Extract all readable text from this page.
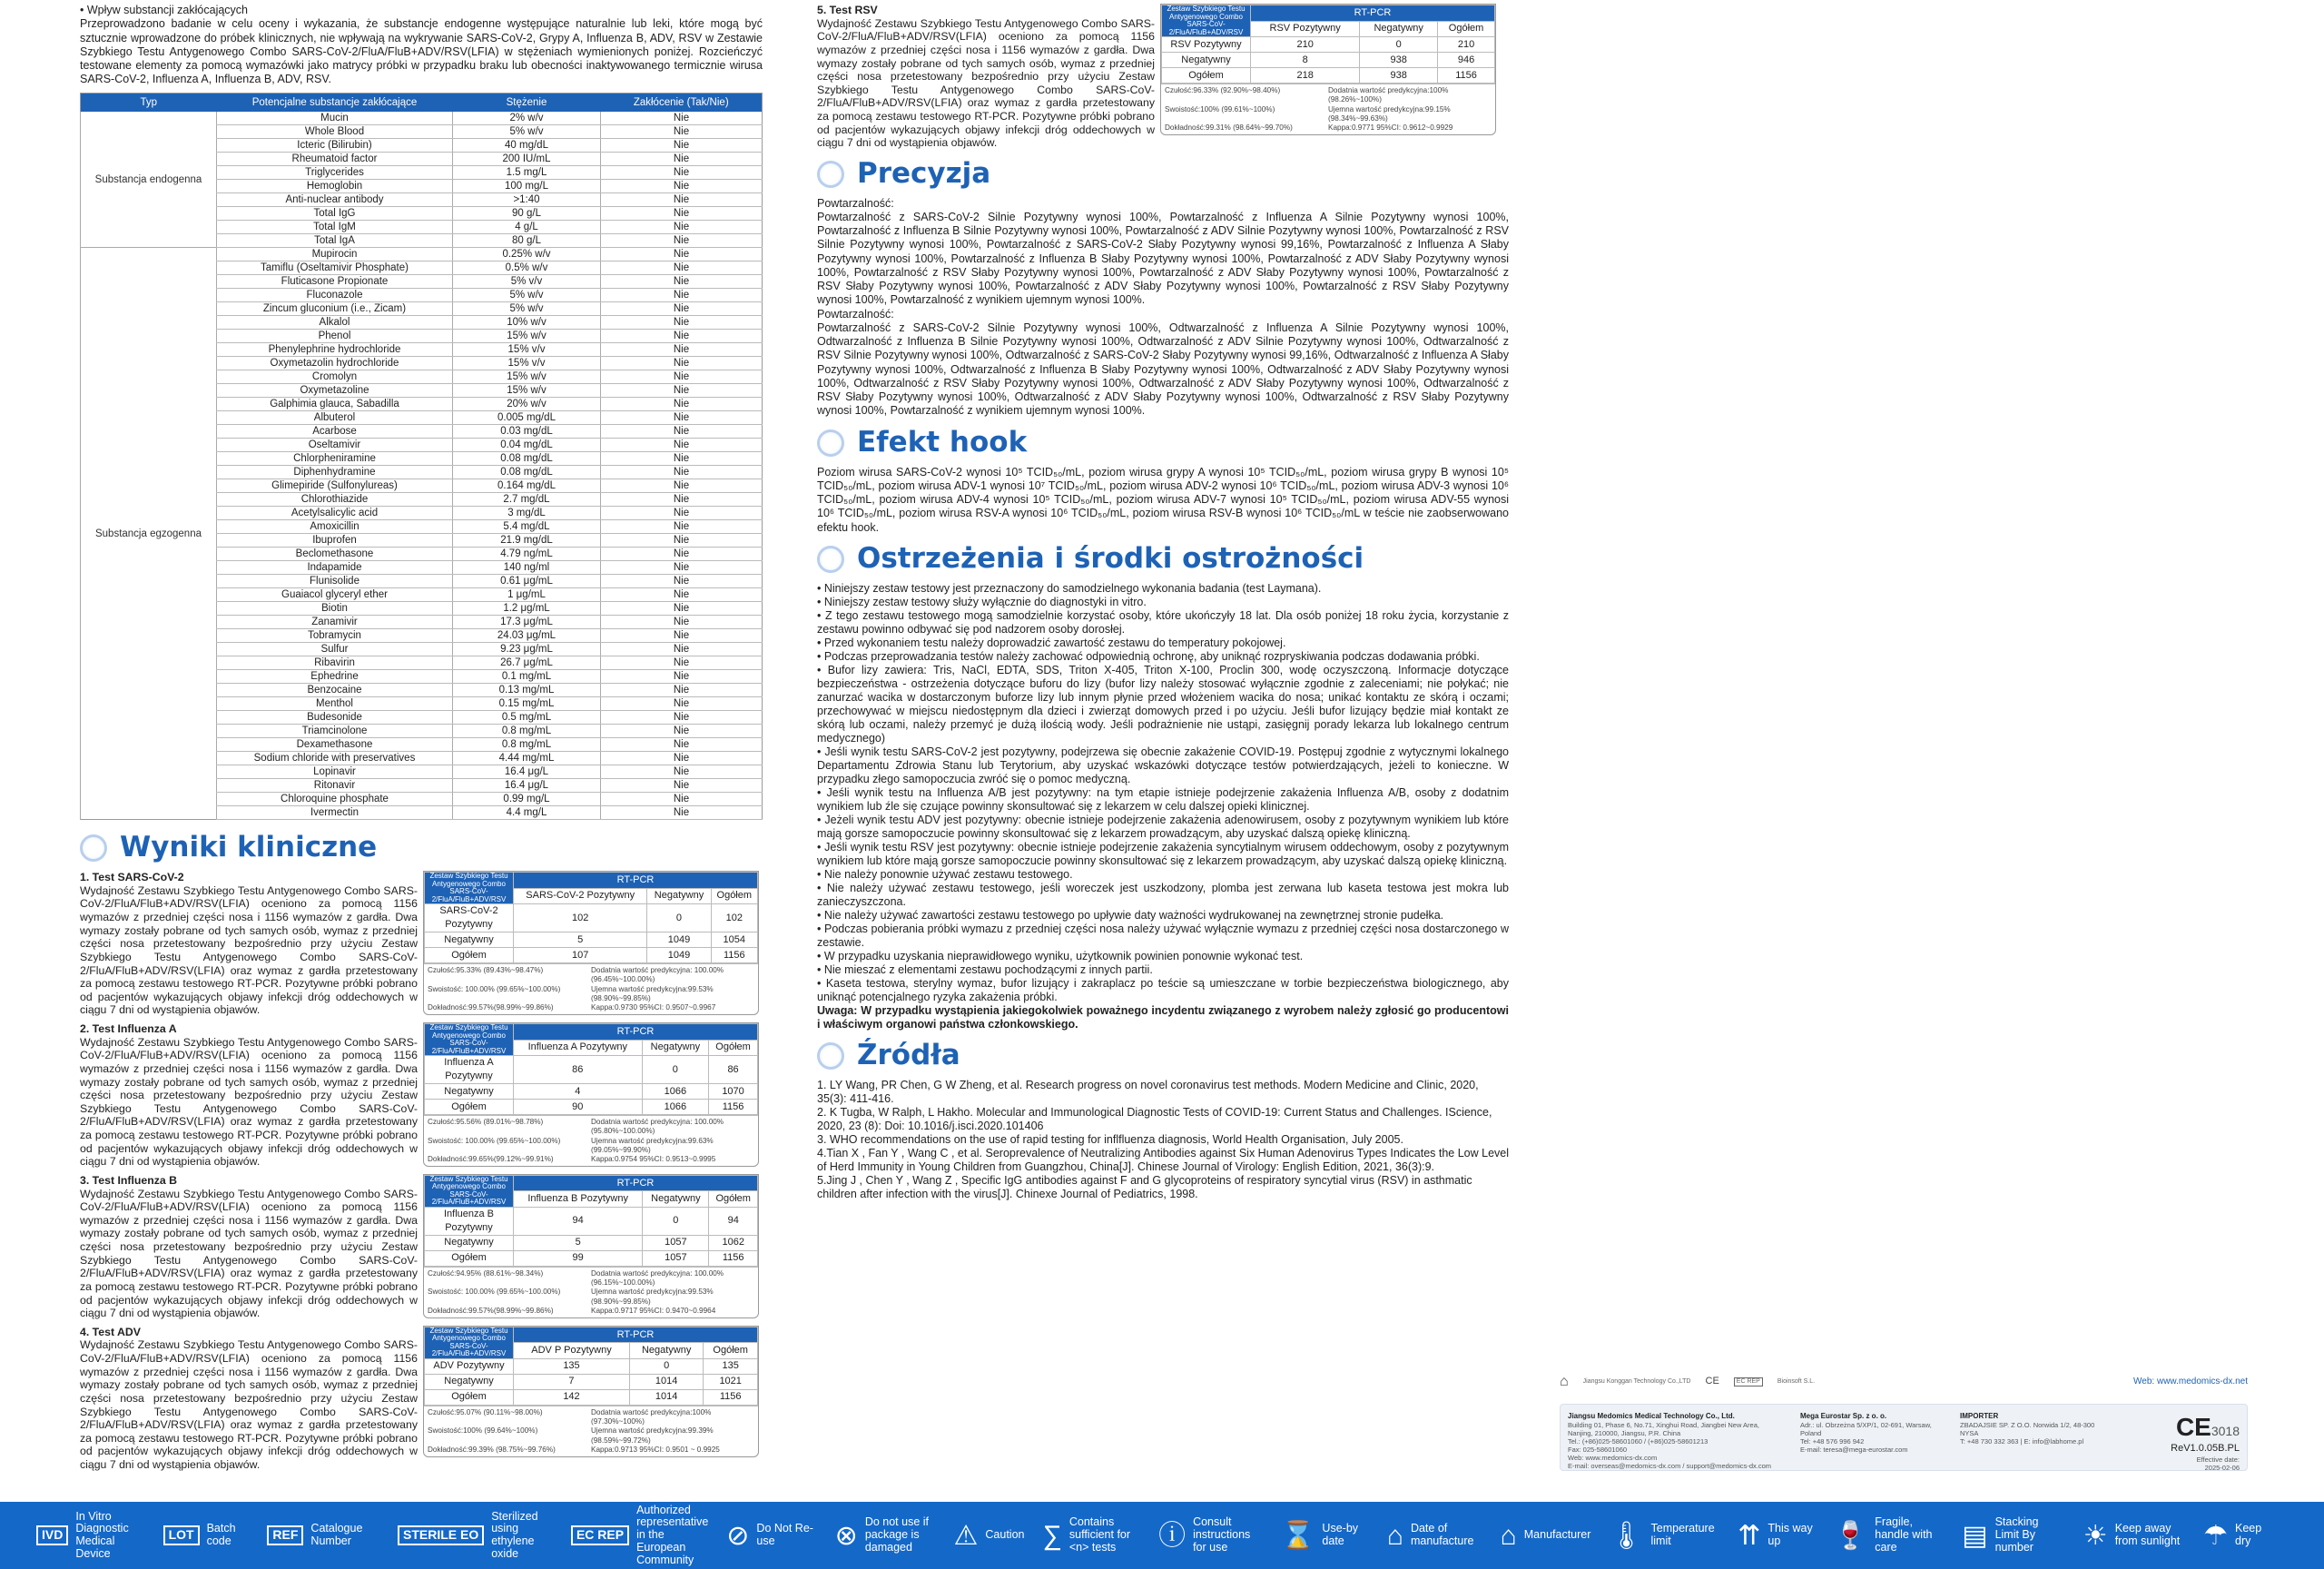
• Wpływ substancji zakłócających

Przeprowadzono badanie w celu oceny i wykazania, że substancje endogenne występujące naturalnie lub leki, które mogą być sztucznie wprowadzone do próbek klinicznych, nie wpływają na wykrywanie SARS-CoV-2, Grypy A, Influenza B, ADV, RSV w Zestawie Szybkiego Testu Antygenowego Combo SARS-CoV-2/FluA/FluB+ADV/RSV(LFIA) w stężeniach wymienionych poniżej. Rozcieńczyć testowane elementy za pomocą wymazówki jako matrycy próbki w przypadku braku lub obecności inaktywowanego termicznie wirusa SARS-CoV-2, Influenza A, Influenza B, ADV, RSV.

Typ	Potencjalne substancje zakłócające	Stężenie	Zakłócenie (Tak/Nie)
Substancja endogenna	Mucin	2% w/v	Nie
	Whole Blood	5% w/v	Nie
	Icteric (Bilirubin)	40 mg/dL	Nie
	Rheumatoid factor	200 IU/mL	Nie
	Triglycerides	1.5 mg/L	Nie
	Hemoglobin	100 mg/L	Nie
	Anti-nuclear antibody	>1:40	Nie
	Total IgG	90 g/L	Nie
	Total IgM	4 g/L	Nie
	Total IgA	80 g/L	Nie
Substancja egzogenna	Mupirocin	0.25% w/v	Nie
	Tamiflu (Oseltamivir Phosphate)	0.5% w/v	Nie
	Fluticasone Propionate	5% v/v	Nie
	Fluconazole	5% w/v	Nie
	Zincum gluconium (i.e., Zicam)	5% w/v	Nie
	Alkalol	10% w/v	Nie
	Phenol	15% w/v	Nie
	Phenylephrine hydrochloride	15% v/v	Nie
	Oxymetazolin hydrochloride	15% v/v	Nie
	Cromolyn	15% w/v	Nie
	Oxymetazoline	15% w/v	Nie
	Galphimia glauca, Sabadilla	20% w/v	Nie
	Albuterol	0.005 mg/dL	Nie
	Acarbose	0.03 mg/dL	Nie
	Oseltamivir	0.04 mg/dL	Nie
	Chlorpheniramine	0.08 mg/dL	Nie
	Diphenhydramine	0.08 mg/dL	Nie
	Glimepiride (Sulfonylureas)	0.164 mg/dL	Nie
	Chlorothiazide	2.7 mg/dL	Nie
	Acetylsalicylic acid	3 mg/dL	Nie
	Amoxicillin	5.4 mg/dL	Nie
	Ibuprofen	21.9 mg/dL	Nie
	Beclomethasone	4.79 ng/mL	Nie
	Indapamide	140 ng/ml	Nie
	Flunisolide	0.61 μg/mL	Nie
	Guaiacol glyceryl ether	1 μg/mL	Nie
	Biotin	1.2 μg/mL	Nie
	Zanamivir	17.3 μg/mL	Nie
	Tobramycin	24.03 μg/mL	Nie
	Sulfur	9.23 μg/mL	Nie
	Ribavirin	26.7 μg/mL	Nie
	Ephedrine	0.1 mg/mL	Nie
	Benzocaine	0.13 mg/mL	Nie
	Menthol	0.15 mg/mL	Nie
	Budesonide	0.5 mg/mL	Nie
	Triamcinolone	0.8 mg/mL	Nie
	Dexamethasone	0.8 mg/mL	Nie
	Sodium chloride with preservatives	4.44 mg/mL	Nie
	Lopinavir	16.4 μg/L	Nie
	Ritonavir	16.4 μg/L	Nie
	Chloroquine phosphate	0.99 mg/L	Nie
	Ivermectin	4.4 mg/L	Nie
Wyniki kliniczne
1. Test SARS-CoV-2
Wydajność Zestawu Szybkiego Testu Antygenowego Combo SARS-CoV-2/FluA/FluB+ADV/RSV(LFIA) oceniono za pomocą 1156 wymazów z przedniej części nosa i 1156 wymazów z gardła. Dwa wymazy zostały pobrane od tych samych osób, wymaz z przedniej części nosa przetestowany bezpośrednio przy użyciu Zestaw Szybkiego Testu Antygenowego Combo SARS-CoV-2/FluA/FluB+ADV/RSV(LFIA) oraz wymaz z gardła przetestowany za pomocą zestawu testowego RT-PCR. Pozytywne próbki pobrano od pacjentów wykazujących objawy infekcji dróg oddechowych w ciągu 7 dni od wystąpienia objawów.
Zestaw Szybkiego Testu Antygenowego Combo SARS-CoV-2/FluA/FluB+ADV/RSV	RT-PCR		
	SARS-CoV-2 Pozytywny	Negatywny	Ogółem
SARS-CoV-2 Pozytywny	102	0	102
Negatywny	5	1049	1054
Ogółem	107	1049	1156
Czułość:95.33% (89.43%~98.47%)	Dodatnia wartość predykcyjna: 100.00% (96.45%~100.00%)
Swoistość: 100.00% (99.65%~100.00%)	Ujemna wartość predykcyjna:99.53% (98.90%~99.85%)
Dokładność:99.57%(98.99%~99.86%)	Kappa:0.9730 95%CI: 0.9507~0.9967
2. Test Influenza A
Wydajność Zestawu Szybkiego Testu Antygenowego Combo SARS-CoV-2/FluA/FluB+ADV/RSV(LFIA) oceniono za pomocą 1156 wymazów z przedniej części nosa i 1156 wymazów z gardła. Dwa wymazy zostały pobrane od tych samych osób, wymaz z przedniej części nosa przetestowany bezpośrednio przy użyciu Zestaw Szybkiego Testu Antygenowego Combo SARS-CoV-2/FluA/FluB+ADV/RSV(LFIA) oraz wymaz z gardła przetestowany za pomocą zestawu testowego RT-PCR. Pozytywne próbki pobrano od pacjentów wykazujących objawy infekcji dróg oddechowych w ciągu 7 dni od wystąpienia objawów.
Zestaw Szybkiego Testu Antygenowego Combo SARS-CoV-2/FluA/FluB+ADV/RSV	RT-PCR		
	Influenza A Pozytywny	Negatywny	Ogółem
Influenza A Pozytywny	86	0	86
Negatywny	4	1066	1070
Ogółem	90	1066	1156
Czułość:95.56% (89.01%~98.78%)	Dodatnia wartość predykcyjna: 100.00% (95.80%~100.00%)
Swoistość: 100.00% (99.65%~100.00%)	Ujemna wartość predykcyjna:99.63% (99.05%~99.90%)
Dokładność:99.65%(99.12%~99.91%)	Kappa:0.9754 95%CI: 0.9513~0.9995
3. Test Influenza B
Wydajność Zestawu Szybkiego Testu Antygenowego Combo SARS-CoV-2/FluA/FluB+ADV/RSV(LFIA) oceniono za pomocą 1156 wymazów z przedniej części nosa i 1156 wymazów z gardła. Dwa wymazy zostały pobrane od tych samych osób, wymaz z przedniej części nosa przetestowany bezpośrednio przy użyciu Zestaw Szybkiego Testu Antygenowego Combo SARS-CoV-2/FluA/FluB+ADV/RSV(LFIA) oraz wymaz z gardła przetestowany za pomocą zestawu testowego RT-PCR. Pozytywne próbki pobrano od pacjentów wykazujących objawy infekcji dróg oddechowych w ciągu 7 dni od wystąpienia objawów.
Zestaw Szybkiego Testu Antygenowego Combo SARS-CoV-2/FluA/FluB+ADV/RSV	RT-PCR		
	Influenza B Pozytywny	Negatywny	Ogółem
Influenza B Pozytywny	94	0	94
Negatywny	5	1057	1062
Ogółem	99	1057	1156
Czułość:94.95% (88.61%~98.34%)	Dodatnia wartość predykcyjna: 100.00% (96.15%~100.00%)
Swoistość: 100.00% (99.65%~100.00%)	Ujemna wartość predykcyjna:99.53% (98.90%~99.85%)
Dokładność:99.57%(98.99%~99.86%)	Kappa:0.9717 95%CI: 0.9470~0.9964
4. Test ADV
Wydajność Zestawu Szybkiego Testu Antygenowego Combo SARS-CoV-2/FluA/FluB+ADV/RSV(LFIA) oceniono za pomocą 1156 wymazów z przedniej części nosa i 1156 wymazów z gardła. Dwa wymazy zostały pobrane od tych samych osób, wymaz z przedniej części nosa przetestowany bezpośrednio przy użyciu Zestaw Szybkiego Testu Antygenowego Combo SARS-CoV-2/FluA/FluB+ADV/RSV(LFIA) oraz wymaz z gardła przetestowany za pomocą zestawu testowego RT-PCR. Pozytywne próbki pobrano od pacjentów wykazujących objawy infekcji dróg oddechowych w ciągu 7 dni od wystąpienia objawów.
Zestaw Szybkiego Testu Antygenowego Combo SARS-CoV-2/FluA/FluB+ADV/RSV	RT-PCR		
	ADV P Pozytywny	Negatywny	Ogółem
ADV Pozytywny	135	0	135
Negatywny	7	1014	1021
Ogółem	142	1014	1156
Czułość:95.07% (90.11%~98.00%)	Dodatnia wartość predykcyjna:100% (97.30%~100%)
Swoistość:100% (99.64%~100%)	Ujemna wartość predykcyjna:99.39% (98.59%~99.72%)
Dokładność:99.39% (98.75%~99.76%)	Kappa:0.9713 95%CI: 0.9501 ~ 0.9925
5. Test RSV
Wydajność Zestawu Szybkiego Testu Antygenowego Combo SARS-CoV-2/FluA/FluB+ADV/RSV(LFIA) oceniono za pomocą 1156 wymazów z przedniej części nosa i 1156 wymazów z gardła. Dwa wymazy zostały pobrane od tych samych osób, wymaz z przedniej części nosa przetestowany bezpośrednio przy użyciu Zestaw Szybkiego Testu Antygenowego Combo SARS-CoV-2/FluA/FluB+ADV/RSV(LFIA) oraz wymaz z gardła przetestowany za pomocą zestawu testowego RT-PCR. Pozytywne próbki pobrano od pacjentów wykazujących objawy infekcji dróg oddechowych w ciągu 7 dni od wystąpienia objawów.
Zestaw Szybkiego Testu Antygenowego Combo SARS-CoV-2/FluA/FluB+ADV/RSV	RT-PCR		
	RSV Pozytywny	Negatywny	Ogółem
RSV Pozytywny	210	0	210
Negatywny	8	938	946
Ogółem	218	938	1156
Czułość:96.33% (92.90%~98.40%)	Dodatnia wartość predykcyjna:100% (98.26%~100%)
Swoistość:100% (99.61%~100%)	Ujemna wartość predykcyjna:99.15% (98.34%~99.63%)
Dokładność:99.31% (98.64%~99.70%)	Kappa:0.9771 95%CI: 0.9612~0.9929
Precyzja

Powtarzalność:

Powtarzalność z SARS-CoV-2 Silnie Pozytywny wynosi 100%, Powtarzalność z Influenza A Silnie Pozytywny wynosi 100%, Powtarzalność z Influenza B Silnie Pozytywny wynosi 100%, Powtarzalność z ADV Silnie Pozytywny wynosi 100%, Powtarzalność z RSV Silnie Pozytywny wynosi 100%, Powtarzalność z SARS-CoV-2 Słaby Pozytywny wynosi 99,16%, Powtarzalność z Influenza A Słaby Pozytywny wynosi 100%, Powtarzalność z Influenza B Słaby Pozytywny wynosi 100%, Powtarzalność z ADV Słaby Pozytywny wynosi 100%, Powtarzalność z RSV Słaby Pozytywny wynosi 100%, Powtarzalność z ADV Słaby Pozytywny wynosi 100%, Powtarzalność z RSV Słaby Pozytywny wynosi 100%, Powtarzalność z ADV Słaby Pozytywny wynosi 100%, Powtarzalność z RSV Słaby Pozytywny wynosi 100%, Powtarzalność z wynikiem ujemnym wynosi 100%.

Powtarzalność:

Powtarzalność z SARS-CoV-2 Silnie Pozytywny wynosi 100%, Odtwarzalność z Influenza A Silnie Pozytywny wynosi 100%, Odtwarzalność z Influenza B Silnie Pozytywny wynosi 100%, Odtwarzalność z ADV Silnie Pozytywny wynosi 100%, Odtwarzalność z RSV Silnie Pozytywny wynosi 100%, Odtwarzalność z SARS-CoV-2 Słaby Pozytywny wynosi 99,16%, Odtwarzalność z Influenza A Słaby Pozytywny wynosi 100%, Odtwarzalność z Influenza B Słaby Pozytywny wynosi 100%, Odtwarzalność z ADV Słaby Pozytywny wynosi 100%, Odtwarzalność z RSV Słaby Pozytywny wynosi 100%, Odtwarzalność z ADV Słaby Pozytywny wynosi 100%, Odtwarzalność z RSV Słaby Pozytywny wynosi 100%, Odtwarzalność z ADV Słaby Pozytywny wynosi 100%, Odtwarzalność z RSV Słaby Pozytywny wynosi 100%, Powtarzalność z wynikiem ujemnym wynosi 100%.

Efekt hook

Poziom wirusa SARS-CoV-2 wynosi 10⁵ TCID₅₀/mL, poziom wirusa grypy A wynosi 10⁵ TCID₅₀/mL, poziom wirusa grypy B wynosi 10⁵ TCID₅₀/mL, poziom wirusa ADV-1 wynosi 10⁷ TCID₅₀/mL, poziom wirusa ADV-2 wynosi 10⁶ TCID₅₀/mL, poziom wirusa ADV-3 wynosi 10⁶ TCID₅₀/mL, poziom wirusa ADV-4 wynosi 10⁵ TCID₅₀/mL, poziom wirusa ADV-7 wynosi 10⁵ TCID₅₀/mL, poziom wirusa ADV-55 wynosi 10⁶ TCID₅₀/mL, poziom wirusa RSV-A wynosi 10⁶ TCID₅₀/mL, poziom wirusa RSV-B wynosi 10⁶ TCID₅₀/mL w teście nie zaobserwowano efektu hook.

Ostrzeżenia i środki ostrożności

• Niniejszy zestaw testowy jest przeznaczony do samodzielnego wykonania badania (test Laymana).

• Niniejszy zestaw testowy służy wyłącznie do diagnostyki in vitro.

• Z tego zestawu testowego mogą samodzielnie korzystać osoby, które ukończyły 18 lat. Dla osób poniżej 18 roku życia, korzystanie z zestawu powinno odbywać się pod nadzorem osoby dorosłej.

• Przed wykonaniem testu należy doprowadzić zawartość zestawu do temperatury pokojowej.

• Podczas przeprowadzania testów należy zachować odpowiednią ochronę, aby uniknąć rozpryskiwania podczas dodawania próbki.

• Bufor lizy zawiera: Tris, NaCl, EDTA, SDS, Triton X-405, Triton X-100, Proclin 300, wodę oczyszczoną. Informacje dotyczące bezpieczeństwa - ostrzeżenia dotyczące buforu do lizy (bufor lizy należy stosować wyłącznie zgodnie z zaleceniami; nie połykać; nie zanurzać wacika w dostarczonym buforze lizy lub innym płynie przed włożeniem wacika do nosa; unikać kontaktu ze skórą i oczami; przechowywać w miejscu niedostępnym dla dzieci i zwierząt domowych przed i po użyciu. Jeśli bufor lizujący będzie miał kontakt ze skórą lub oczami, należy przemyć je dużą ilością wody. Jeśli podrażnienie nie ustąpi, zasięgnij porady lekarza lub lokalnego centrum medycznego)

• Jeśli wynik testu SARS-CoV-2 jest pozytywny, podejrzewa się obecnie zakażenie COVID-19. Postępuj zgodnie z wytycznymi lokalnego Departamentu Zdrowia Stanu lub Terytorium, aby uzyskać wskazówki dotyczące testów potwierdzających, jeżeli to konieczne. W przypadku złego samopoczucia zwróć się o pomoc medyczną.

• Jeśli wynik testu na Influenza A/B jest pozytywny: na tym etapie istnieje podejrzenie zakażenia Influenza A/B, osoby z dodatnim wynikiem lub źle się czujące powinny skonsultować się z lekarzem w celu dalszej opieki klinicznej.

• Jeżeli wynik testu ADV jest pozytywny: obecnie istnieje podejrzenie zakażenia adenowirusem, osoby z pozytywnym wynikiem lub które mają gorsze samopoczucie powinny skonsultować się z lekarzem prowadzącym, aby uzyskać dalszą opiekę kliniczną.

• Jeśli wynik testu RSV jest pozytywny: obecnie istnieje podejrzenie zakażenia syncytialnym wirusem oddechowym, osoby z pozytywnym wynikiem lub które mają gorsze samopoczucie powinny skonsultować się z lekarzem prowadzącym, aby uzyskać dalszą opiekę kliniczną.

• Nie należy ponownie używać zestawu testowego.

• Nie należy używać zestawu testowego, jeśli woreczek jest uszkodzony, plomba jest zerwana lub kaseta testowa jest mokra lub zanieczyszczona.

• Nie należy używać zawartości zestawu testowego po upływie daty ważności wydrukowanej na zewnętrznej stronie pudełka.

• Podczas pobierania próbki wymazu z przedniej części nosa należy używać wyłącznie wymazu z przedniej części nosa dostarczonego w zestawie.

• W przypadku uzyskania nieprawidłowego wyniku, użytkownik powinien ponownie wykonać test.

• Nie mieszać z elementami zestawu pochodzącymi z innych partii.

• Kaseta testowa, sterylny wymaz, bufor lizujący i zakraplacz po teście są umieszczane w torbie bezpieczeństwa biologicznego, aby uniknąć potencjalnego ryzyka zakażenia próbki.

Uwaga: W przypadku wystąpienia jakiegokolwiek poważnego incydentu związanego z wyrobem należy zgłosić go producentowi i właściwym organowi państwa członkowskiego.

Źródła

1. LY Wang, PR Chen, G W Zheng, et al. Research progress on novel coronavirus test methods. Modern Medicine and Clinic, 2020, 35(3): 411-416.

2. K Tugba, W Ralph, L Hakho. Molecular and Immunological Diagnostic Tests of COVID-19: Current Status and Challenges. IScience, 2020, 23 (8): Doi: 10.1016/j.isci.2020.101406

3. WHO recommendations on the use of rapid testing for inflfluenza diagnosis, World Health Organisation, July 2005.

4.Tian X , Fan Y , Wang C , et al. Seroprevalence of Neutralizing Antibodies against Six Human Adenovirus Types Indicates the Low Level of Herd Immunity in Young Children from Guangzhou, China[J]. Chinese Journal of Virology: English Edition, 2021, 36(3):9.

5.Jing J , Chen Y , Wang Z , Specific IgG antibodies against F and G glycoproteins of respiratory syncytial virus (RSV) in asthmatic children after infection with the virus[J]. Chinexe Journal of Pediatrics, 1998.

⌂ Jiangsu Konggan Technology Co.,LTD CE	EC REP	Bioinsoft S.L.	Web: www.medomics-dx.net
Jiangsu Medomics Medical Technology Co., Ltd.
Building 01, Phase 6, No.71, Xinghui Road, Jiangbei New Area, Nanjing, 210000, Jiangsu, P.R. China
Tel.: (+86)025-58601060 / (+86)025-58601213
Fax: 025-58601060
Web: www.medomics-dx.com
E-mail: overseas@medomics-dx.com / support@medomics-dx.com
Mega Eurostar Sp. z o. o.
Adr.: ul. Obrzeżna 5/XP/1, 02-691, Warsaw, Poland
Tel: +48 576 996 942
E-mail: teresa@mega-eurostar.com
IMPORTER
ZBADAJSIE SP. Z O.O. Norwida 1/2, 48-300 NYSA
T: +48 730 332 363 | E: info@labhome.pl
CE3018
ReV1.0.05B.PL
Effective date:
2025-02-06
IVD
In Vitro Diagnostic Medical Device
LOT	Batch code	REF	Catalogue Number	STERILE EO
Sterilized using ethylene oxide
EC REP
Authorized representative in the European Community
⊘ Do Not Re-use	⊗ Do not use if package is damaged	⚠ Caution ∑ Contains sufficient for <n> tests	ⓘ Consult instructions for use	⌛ Use-by date	⌂ Date of manufacture ⌂ Manufacturer 🌡 Temperature limit	⇈ This way up	🍷 Fragile, handle with care	▤ Stacking Limit By number	☀ Keep away from sunlight ☂ Keep dry
